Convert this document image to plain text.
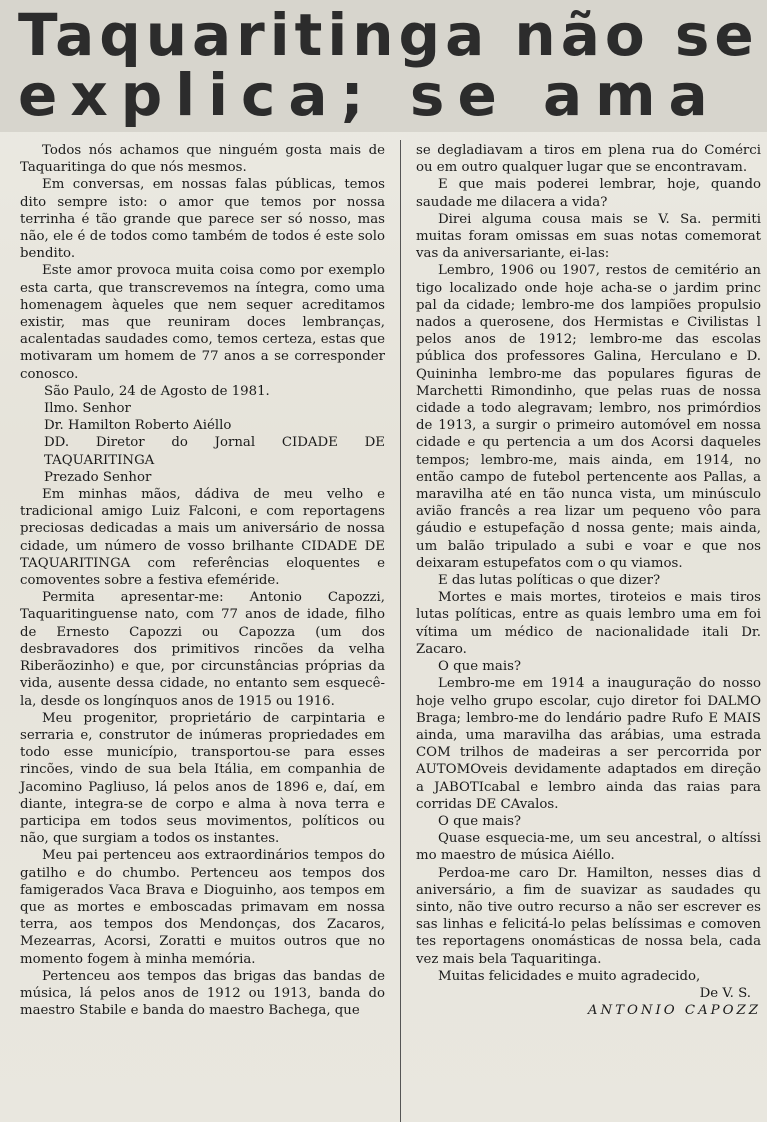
Taquaritinga não se
explica; se ama

Todos nós achamos que ninguém gosta mais de Taquaritinga do que nós mesmos.

Em conversas, em nossas falas públicas, temos dito sempre isto: o amor que temos por nossa terrinha é tão grande que parece ser só nosso, mas não, ele é de todos como também de todos é este solo bendito.

Este amor provoca muita coisa como por exemplo esta carta, que transcrevemos na íntegra, como uma homenagem àqueles que nem sequer acreditamos existir, mas que reuniram doces lembranças, acalentadas saudades como, temos certeza, estas que motivaram um homem de 77 anos a se corresponder conosco.

São Paulo, 24 de Agosto de 1981.

Ilmo. Senhor

Dr. Hamilton Roberto Aiéllo

DD. Diretor do Jornal CIDADE DE TAQUARITINGA

Prezado Senhor

Em minhas mãos, dádiva de meu velho e tradicional amigo Luiz Falconi, e com reportagens preciosas dedicadas a mais um aniversário de nossa cidade, um número de vosso brilhante CIDADE DE TAQUARITINGA com referências eloquentes e comoventes sobre a festiva efeméride.

Permita apresentar-me: Antonio Capozzi, Taquaritinguense nato, com 77 anos de idade, filho de Ernesto Capozzi ou Capozza (um dos desbravadores dos primitivos rincões da velha Riberãozinho) e que, por circunstâncias próprias da vida, ausente dessa cidade, no entanto sem esquecê-la, desde os longínquos anos de 1915 ou 1916.

Meu progenitor, proprietário de carpintaria e serraria e, construtor de inúmeras propriedades em todo esse município, transportou-se para esses rincões, vindo de sua bela Itália, em companhia de Jacomino Pagliuso, lá pelos anos de 1896 e, daí, em diante, integra-se de corpo e alma à nova terra e participa em todos seus movimentos, políticos ou não, que surgiam a todos os instantes.

Meu pai pertenceu aos extraordinários tempos do gatilho e do chumbo. Pertenceu aos tempos dos famigerados Vaca Brava e Dioguinho, aos tempos em que as mortes e emboscadas primavam em nossa terra, aos tempos dos Mendonças, dos Zacaros, Mezearras, Acorsi, Zoratti e muitos outros que no momento fogem à minha memória.

Pertenceu aos tempos das brigas das bandas de música, lá pelos anos de 1912 ou 1913, banda do maestro Stabile e banda do maestro Bachega, que

se degladiavam a tiros em plena rua do Comérci ou em outro qualquer lugar que se encontravam.

E que mais poderei lembrar, hoje, quando saudade me dilacera a vida?

Direi alguma cousa mais se V. Sa. permiti muitas foram omissas em suas notas comemorat vas da aniversariante, ei-las:

Lembro, 1906 ou 1907, restos de cemitério an tigo localizado onde hoje acha-se o jardim princ pal da cidade; lembro-me dos lampiões propulsio nados a querosene, dos Hermistas e Civilistas l pelos anos de 1912; lembro-me das escolas pública dos professores Galina, Herculano e D. Quininha lembro-me das populares figuras de Marchetti Rimondinho, que pelas ruas de nossa cidade a todo alegravam; lembro, nos primórdios de 1913, a surgir o primeiro automóvel em nossa cidade e qu pertencia a um dos Acorsi daqueles tempos; lembro-me, mais ainda, em 1914, no então campo de futebol pertencente aos Pallas, a maravilha até en tão nunca vista, um minúsculo avião francês a rea lizar um pequeno vôo para gáudio e estupefação d nossa gente; mais ainda, um balão tripulado a subi e voar e que nos deixaram estupefatos com o qu viamos.

E das lutas políticas o que dizer?

Mortes e mais mortes, tiroteios e mais tiros lutas políticas, entre as quais lembro uma em foi vítima um médico de nacionalidade itali Dr. Zacaro.

O que mais?

Lembro-me em 1914 a inauguração do nosso hoje velho grupo escolar, cujo diretor foi DALMO Braga; lembro-me do lendário padre Rufo E MAIS ainda, uma maravilha das arábias, uma estrada COM trilhos de madeiras a ser percorrida por AUTOMOveis devidamente adaptados em direção a JABOTIcabal e lembro ainda das raias para corridas DE CAvalos.

O que mais?

Quase esquecia-me, um seu ancestral, o altíssi mo maestro de música Aiéllo.

Perdoa-me caro Dr. Hamilton, nesses dias d aniversário, a fim de suavizar as saudades qu sinto, não tive outro recurso a não ser escrever es sas linhas e felicitá-lo pelas belíssimas e comoven tes reportagens onomásticas de nossa bela, cada vez mais bela Taquaritinga.

Muitas felicidades e muito agradecido,

De V. S.

ANTONIO CAPOZZ
